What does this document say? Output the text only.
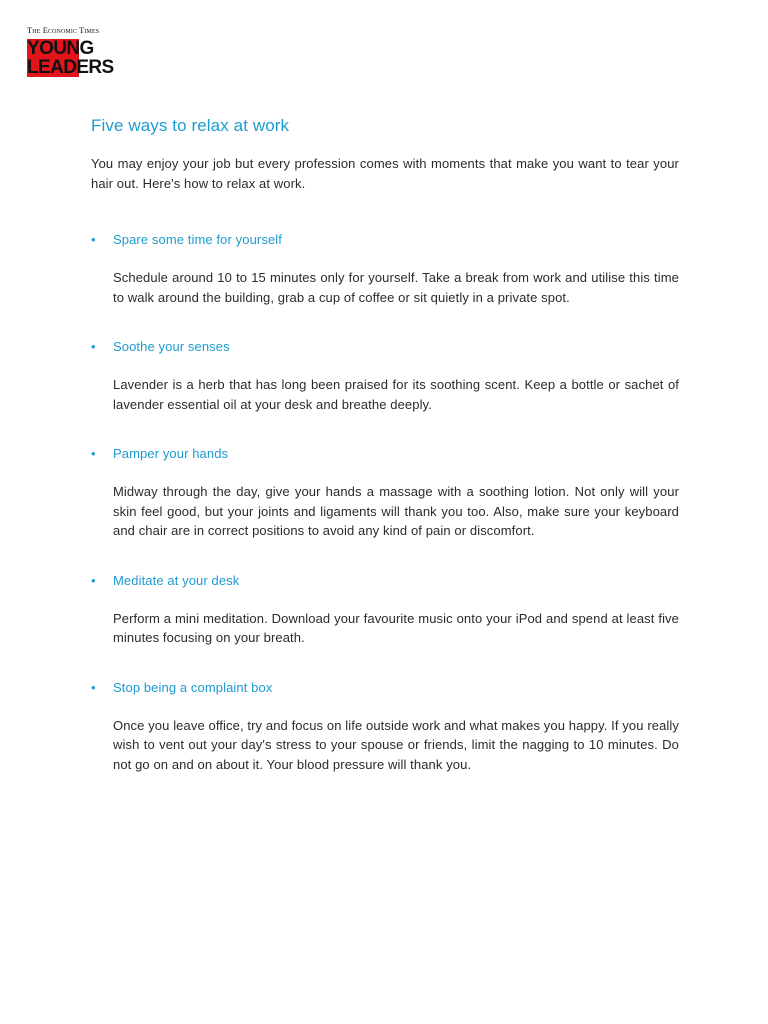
The Economic Times
YOUNG
LEADERS
Five ways to relax at work

You may enjoy your job but every profession comes with moments that make you want to tear your hair out. Here's how to relax at work.

• Spare some time for yourself

Schedule around 10 to 15 minutes only for yourself. Take a break from work and utilise this time to walk around the building, grab a cup of coffee or sit quietly in a private spot.

• Soothe your senses

Lavender is a herb that has long been praised for its soothing scent. Keep a bottle or sachet of lavender essential oil at your desk and breathe deeply.

• Pamper your hands

Midway through the day, give your hands a massage with a soothing lotion. Not only will your skin feel good, but your joints and ligaments will thank you too. Also, make sure your keyboard and chair are in correct positions to avoid any kind of pain or discomfort.

• Meditate at your desk

Perform a mini meditation. Download your favourite music onto your iPod and spend at least five minutes focusing on your breath.

• Stop being a complaint box

Once you leave office, try and focus on life outside work and what makes you happy. If you really wish to vent out your day's stress to your spouse or friends, limit the nagging to 10 minutes. Do not go on and on about it. Your blood pressure will thank you.
